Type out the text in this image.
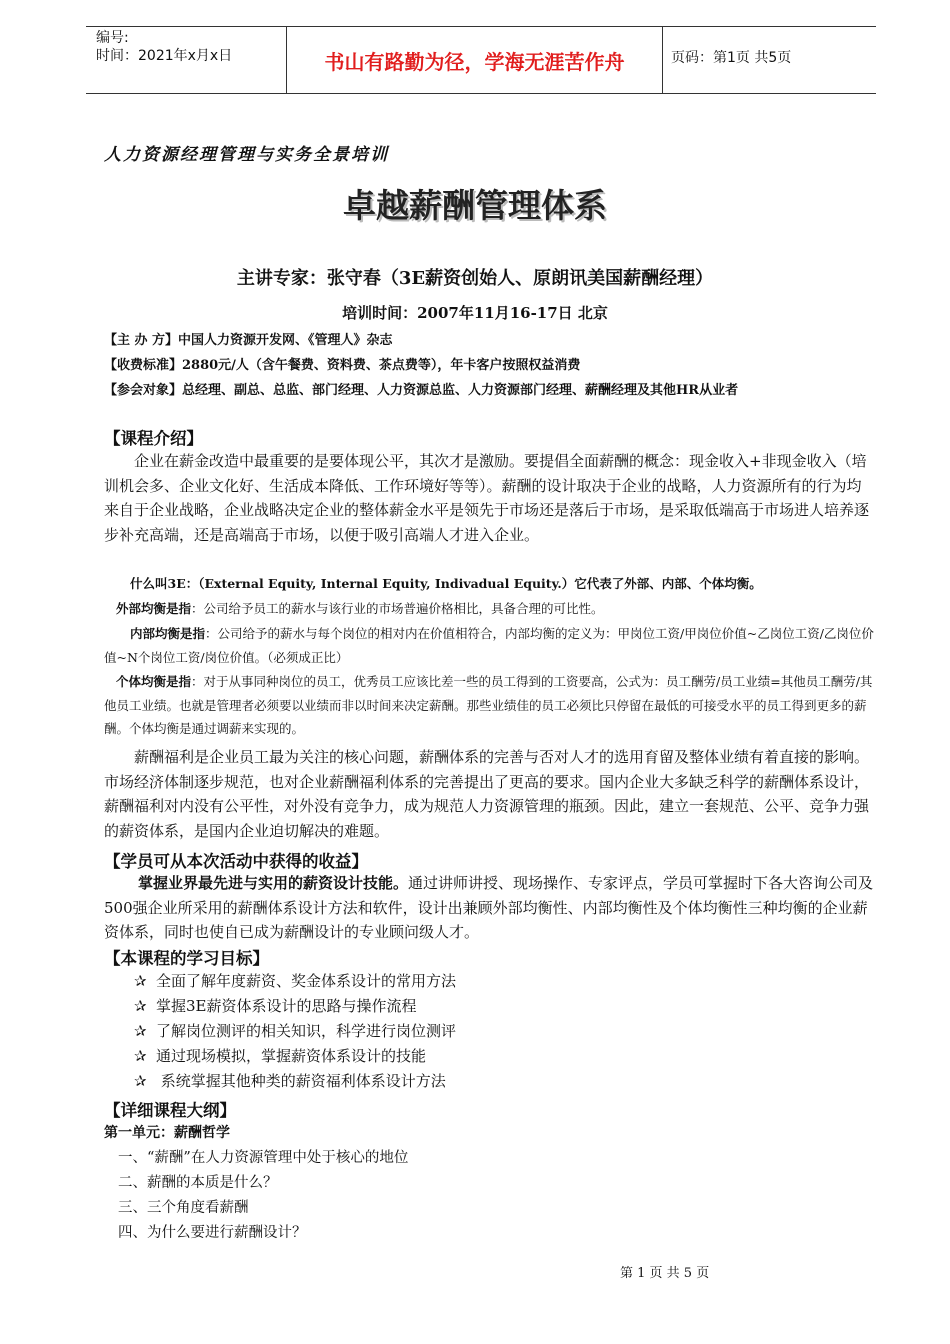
编号:
时间：2021年x月x日	书山有路勤为径，学海无涯苦作舟	页码：第1页 共5页
人力资源经理管理与实务全景培训
卓越薪酬管理体系
主讲专家：张守春（3E薪资创始人、原朗讯美国薪酬经理）
培训时间：2007年11月16-17日 北京
【主 办 方】中国人力资源开发网、《管理人》杂志
【收费标准】2880元/人（含午餐费、资料费、茶点费等），年卡客户按照权益消费
【参会对象】总经理、副总、总监、部门经理、人力资源总监、人力资源部门经理、薪酬经理及其他HR从业者
【课程介绍】
企业在薪金改造中最重要的是要体现公平，其次才是激励。要提倡全面薪酬的概念：现金收入+非现金收入（培训机会多、企业文化好、生活成本降低、工作环境好等等）。薪酬的设计取决于企业的战略，人力资源所有的行为均来自于企业战略，企业战略决定企业的整体薪金水平是领先于市场还是落后于市场，是采取低端高于市场进人培养逐步补充高端，还是高端高于市场，以便于吸引高端人才进入企业。
什么叫3E：（External Equity, Internal Equity, Indivadual Equity.）它代表了外部、内部、个体均衡。
外部均衡是指：公司给予员工的薪水与该行业的市场普遍价格相比，具备合理的可比性。
内部均衡是指：公司给予的薪水与每个岗位的相对内在价值相符合，内部均衡的定义为：甲岗位工资/甲岗位价值~乙岗位工资/乙岗位价值~N个岗位工资/岗位价值。（必须成正比）
个体均衡是指：对于从事同种岗位的员工，优秀员工应该比差一些的员工得到的工资要高，公式为：员工酬劳/员工业绩=其他员工酬劳/其他员工业绩。也就是管理者必须要以业绩而非以时间来决定薪酬。那些业绩佳的员工必须比只停留在最低的可接受水平的员工得到更多的薪酬。个体均衡是通过调薪来实现的。
薪酬福利是企业员工最为关注的核心问题，薪酬体系的完善与否对人才的选用育留及整体业绩有着直接的影响。市场经济体制逐步规范，也对企业薪酬福利体系的完善提出了更高的要求。国内企业大多缺乏科学的薪酬体系设计，薪酬福利对内没有公平性，对外没有竞争力，成为规范人力资源管理的瓶颈。因此，建立一套规范、公平、竞争力强的薪资体系，是国内企业迫切解决的难题。
【学员可从本次活动中获得的收益】
掌握业界最先进与实用的薪资设计技能。通过讲师讲授、现场操作、专家评点，学员可掌握时下各大咨询公司及500强企业所采用的薪酬体系设计方法和软件，设计出兼顾外部均衡性、内部均衡性及个体均衡性三种均衡的企业薪资体系，同时也使自已成为薪酬设计的专业顾问级人才。
【本课程的学习目标】
✰ 全面了解年度薪资、奖金体系设计的常用方法
✰ 掌握3E薪资体系设计的思路与操作流程
✰ 了解岗位测评的相关知识，科学进行岗位测评
✰ 通过现场模拟，掌握薪资体系设计的技能
✰ 系统掌握其他种类的薪资福利体系设计方法
【详细课程大纲】
第一单元：薪酬哲学
一、“薪酬”在人力资源管理中处于核心的地位
二、薪酬的本质是什么？
三、三个角度看薪酬
四、为什么要进行薪酬设计？
第 1 页 共 5 页
